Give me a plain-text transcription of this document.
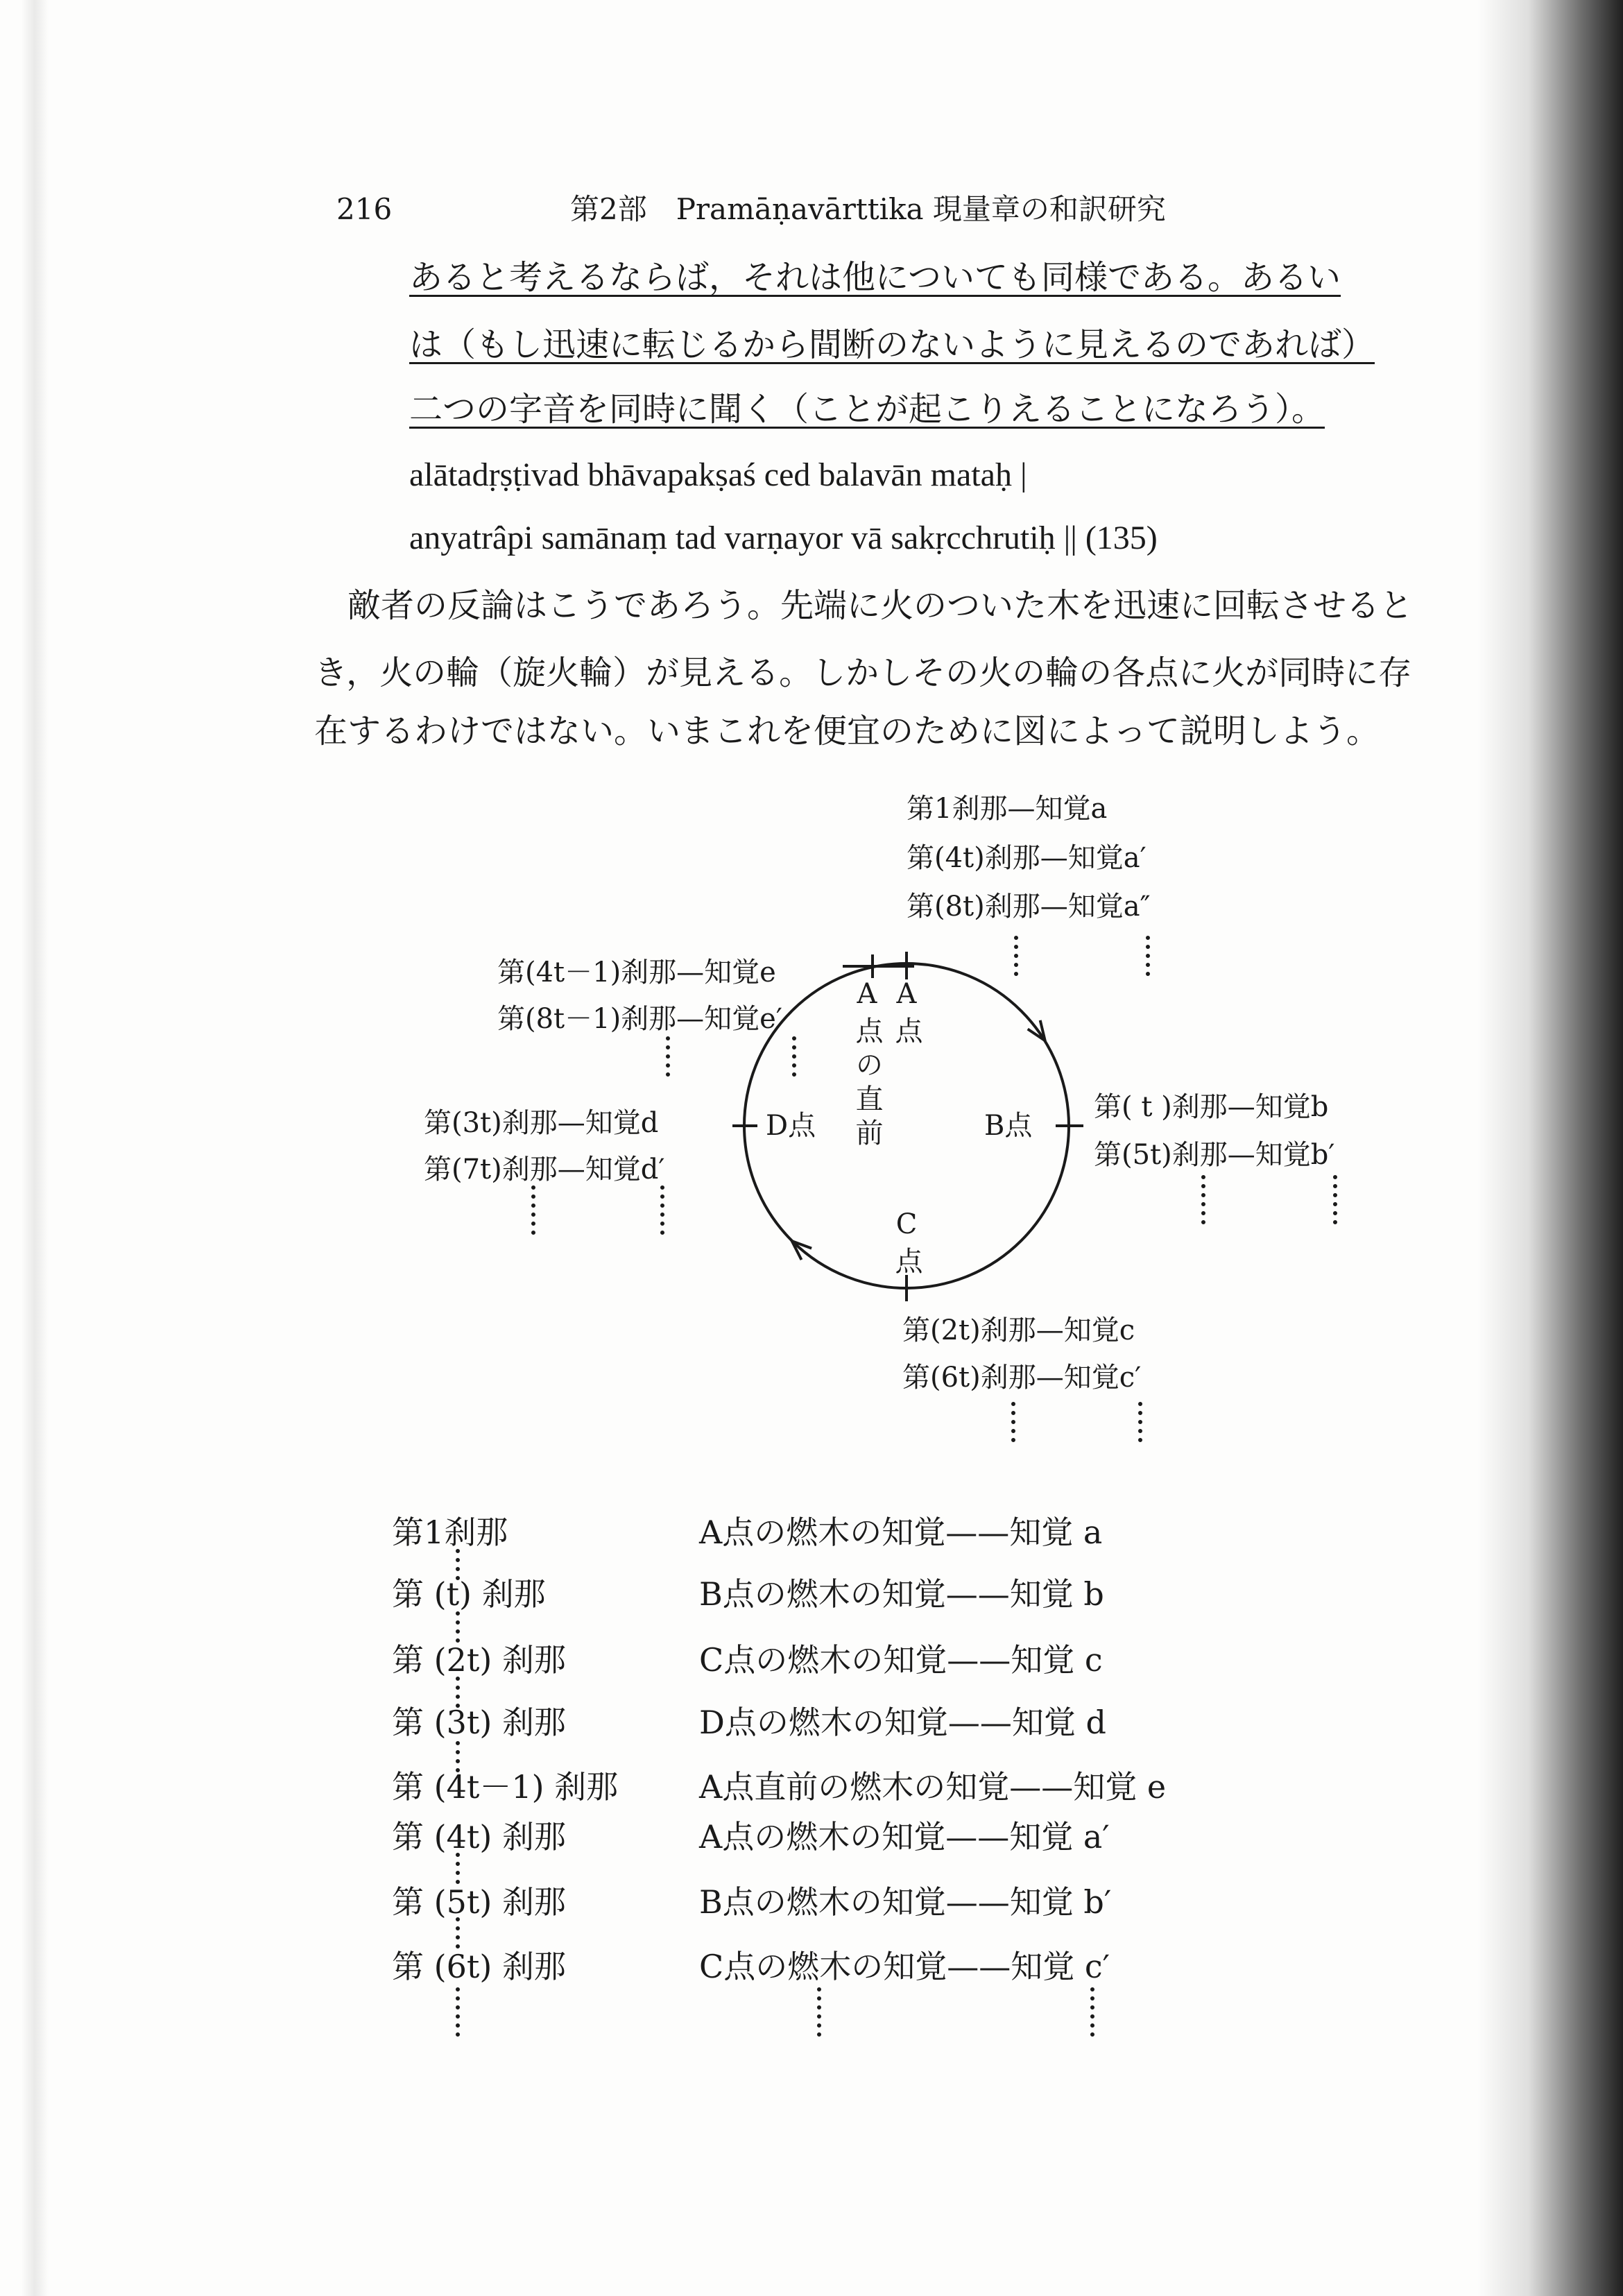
216	第2部　Pramāṇavārttika 現量章の和訳研究
あると考えるならば，それは他についても同様である。あるい
は（もし迅速に転じるから間断のないように見えるのであれば）
二つの字音を同時に聞く（ことが起こりえることになろう）。
alātadṛṣṭivad bhāvapakṣaś ced balavān mataḥ |
anyatrâpi samānaṃ tad varṇayor vā sakṛcchrutiḥ || (135)
敵者の反論はこうであろう。先端に火のついた木を迅速に回転させると
き，火の輪（旋火輪）が見える。しかしその火の輪の各点に火が同時に存
在するわけではない。いまこれを便宜のために図によって説明しよう。
第1刹那—知覚a
第(4t)刹那—知覚a′
第(8t)刹那—知覚a″
第(4t－1)刹那—知覚e
第(8t－1)刹那—知覚e′
第(3t)刹那—知覚d
第(7t)刹那—知覚d′
第( t )刹那—知覚b
第(5t)刹那—知覚b′
第(2t)刹那—知覚c
第(6t)刹那—知覚c′
A点の直前 A点
C点
D点	B点
第1刹那	A点の燃木の知覚——知覚 a
第 (t) 刹那	B点の燃木の知覚——知覚 b
第 (2t) 刹那	C点の燃木の知覚——知覚 c
第 (3t) 刹那	D点の燃木の知覚——知覚 d
第 (4t－1) 刹那	A点直前の燃木の知覚——知覚 e
第 (4t) 刹那	A点の燃木の知覚——知覚 a′
第 (5t) 刹那	B点の燃木の知覚——知覚 b′
第 (6t) 刹那	C点の燃木の知覚——知覚 c′
